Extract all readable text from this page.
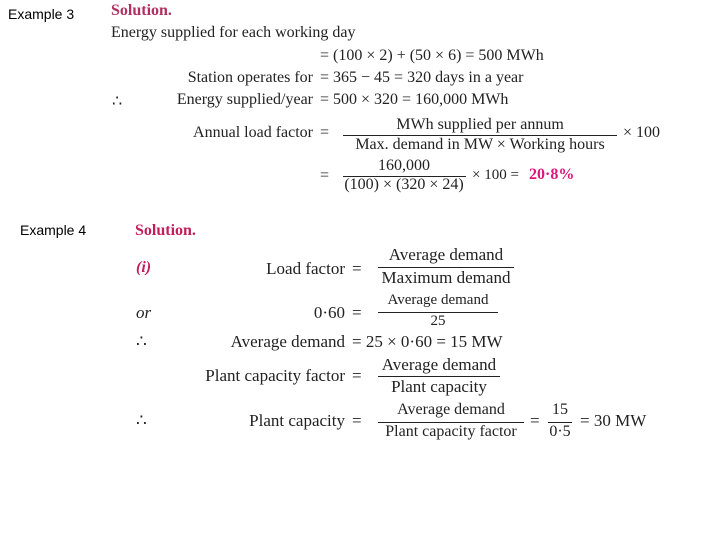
Example 3 Solution.
Energy supplied for each working day
= (100 × 2) + (50 × 6) = 500 MWh
Station operates for = 365 − 45 = 320 days in a year
∴	Energy supplied/year = 500 × 320 = 160,000 MWh
Annual load factor =	MWh supplied per annum
Max. demand in MW × Working hours
× 100
=
160,000
(100) × (320 × 24)
× 100 = 20·8%
Example 4	Solution.
(i)	Load factor =
Average demand
Maximum demand
or	0·60 =
Average demand
25
∴	Average demand = 25 × 0·60 = 15 MW
Plant capacity factor =
Average demand
Plant capacity
∴	Plant capacity =
Average demand
Plant capacity factor
=
15
0·5
= 30 MW
